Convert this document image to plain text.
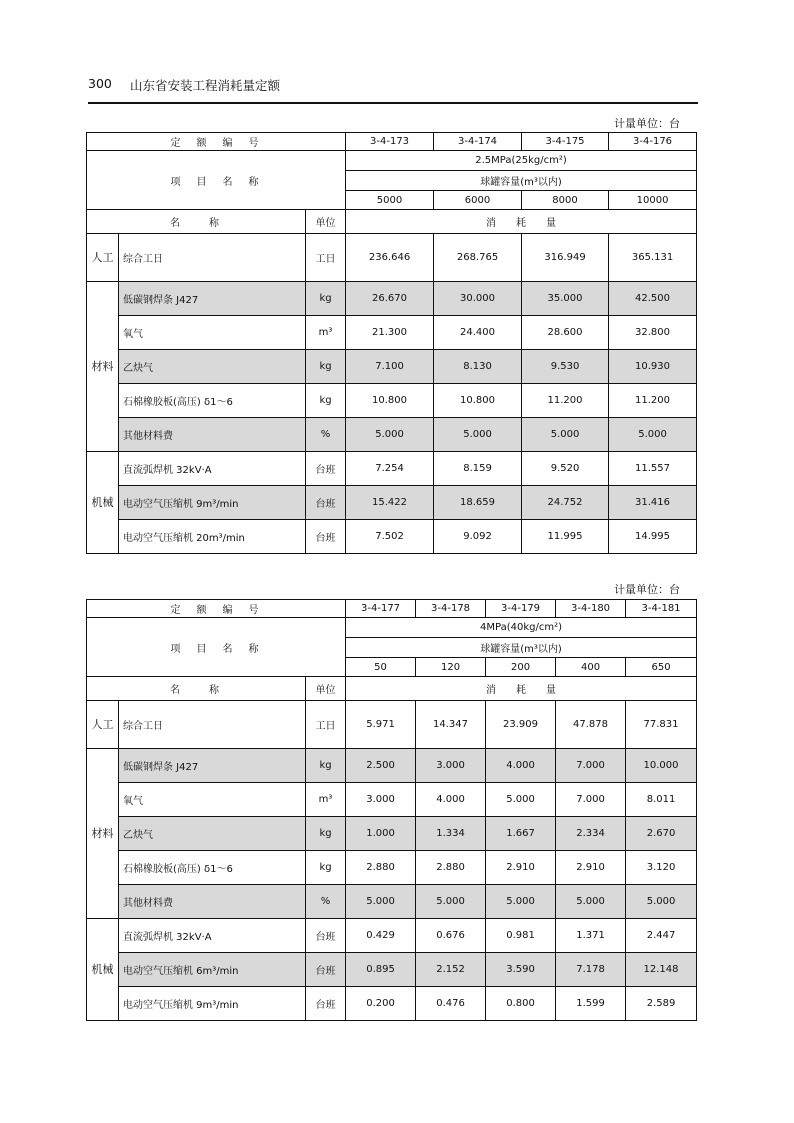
300 山东省安装工程消耗量定额
计量单位：台
定　额　编　号			3-4-173	3-4-174	3-4-175	3-4-176
项　目　名　称			2.5MPa(25kg/cm²)			
			球罐容量(m³以内)			
			5000	6000	8000	10000
名　　称		单位	消　　耗　　量			
人工	综合工日	工日	236.646	268.765	316.949	365.131
材料	低碳钢焊条 J427	kg	26.670	30.000	35.000	42.500
	氧气	m³	21.300	24.400	28.600	32.800
	乙炔气	kg	7.100	8.130	9.530	10.930
	石棉橡胶板(高压) δ1～6	kg	10.800	10.800	11.200	11.200
	其他材料费	%	5.000	5.000	5.000	5.000
机械	直流弧焊机 32kV·A	台班	7.254	8.159	9.520	11.557
	电动空气压缩机 9m³/min	台班	15.422	18.659	24.752	31.416
	电动空气压缩机 20m³/min	台班	7.502	9.092	11.995	14.995
计量单位：台
定　额　编　号			3-4-177	3-4-178	3-4-179	3-4-180	3-4-181
项　目　名　称			4MPa(40kg/cm²)				
			球罐容量(m³以内)				
			50	120	200	400	650
名　　称		单位	消　　耗　　量				
人工	综合工日	工日	5.971	14.347	23.909	47.878	77.831
材料	低碳钢焊条 J427	kg	2.500	3.000	4.000	7.000	10.000
	氧气	m³	3.000	4.000	5.000	7.000	8.011
	乙炔气	kg	1.000	1.334	1.667	2.334	2.670
	石棉橡胶板(高压) δ1～6	kg	2.880	2.880	2.910	2.910	3.120
	其他材料费	%	5.000	5.000	5.000	5.000	5.000
机械	直流弧焊机 32kV·A	台班	0.429	0.676	0.981	1.371	2.447
	电动空气压缩机 6m³/min	台班	0.895	2.152	3.590	7.178	12.148
	电动空气压缩机 9m³/min	台班	0.200	0.476	0.800	1.599	2.589
